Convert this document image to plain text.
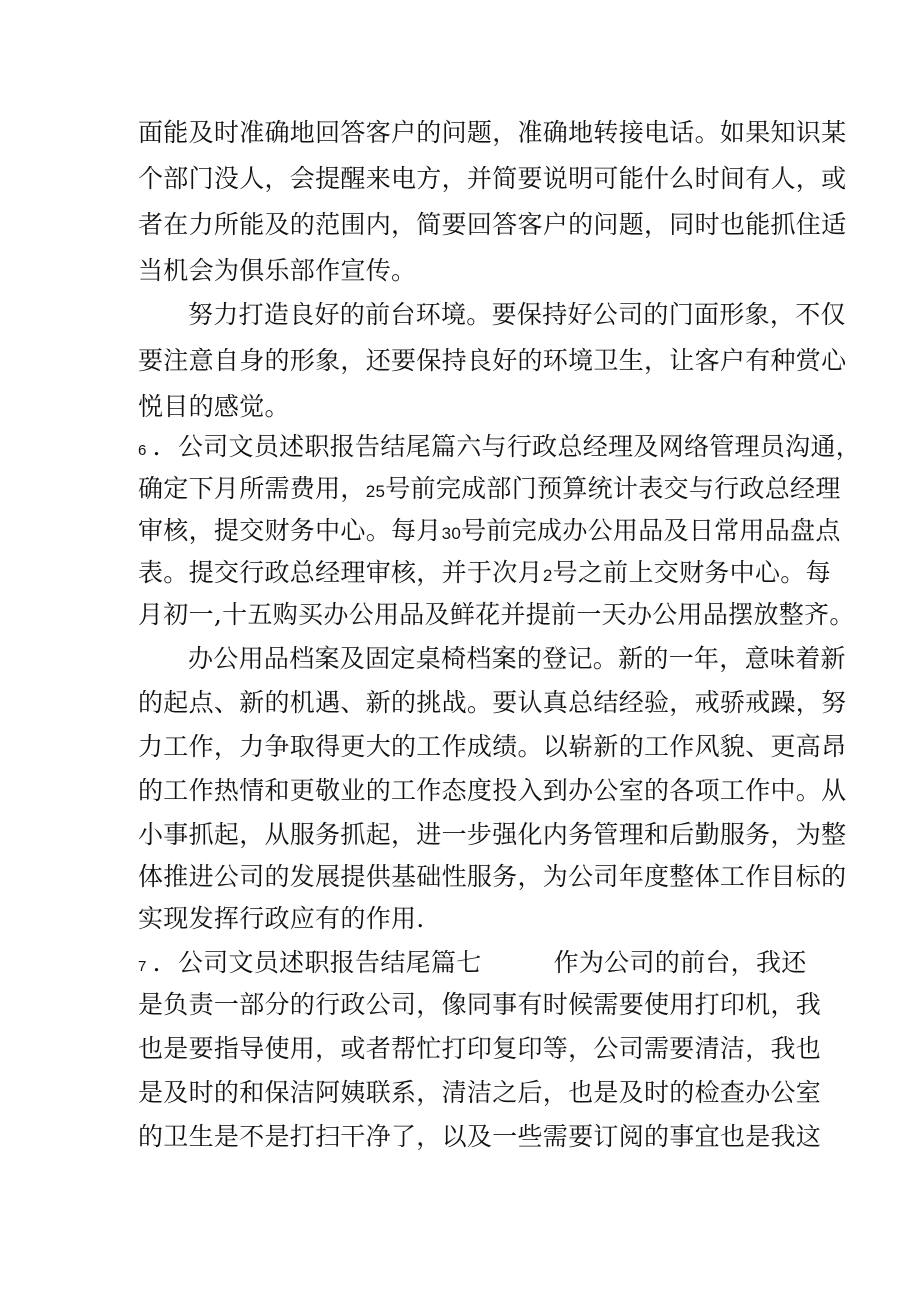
面能及时准确地回答客户的问题，准确地转接电话。如果知识某
个部门没人，会提醒来电方，并简要说明可能什么时间有人，或
者在力所能及的范围内，简要回答客户的问题，同时也能抓住适
当机会为俱乐部作宣传。
努力打造良好的前台环境。要保持好公司的门面形象，不仅
要注意自身的形象，还要保持良好的环境卫生，让客户有种赏心
悦目的感觉。
6 ．公司文员述职报告结尾篇六与行政总经理及网络管理员沟通，
确定下月所需费用，25号前完成部门预算统计表交与行政总经理
审核，提交财务中心。每月30号前完成办公用品及日常用品盘点
表。提交行政总经理审核，并于次月2号之前上交财务中心。每
月初一,十五购买办公用品及鲜花并提前一天办公用品摆放整齐。
办公用品档案及固定桌椅档案的登记。新的一年，意味着新
的起点、新的机遇、新的挑战。要认真总结经验，戒骄戒躁，努
力工作，力争取得更大的工作成绩。以崭新的工作风貌、更高昂
的工作热情和更敬业的工作态度投入到办公室的各项工作中。从
小事抓起，从服务抓起，进一步强化内务管理和后勤服务，为整
体推进公司的发展提供基础性服务，为公司年度整体工作目标的
实现发挥行政应有的作用.
7 ．公司文员述职报告结尾篇七	作为公司的前台，我还
是负责一部分的行政公司，像同事有时候需要使用打印机，我
也是要指导使用，或者帮忙打印复印等，公司需要清洁，我也
是及时的和保洁阿姨联系，清洁之后，也是及时的检查办公室
的卫生是不是打扫干净了，以及一些需要订阅的事宜也是我这
